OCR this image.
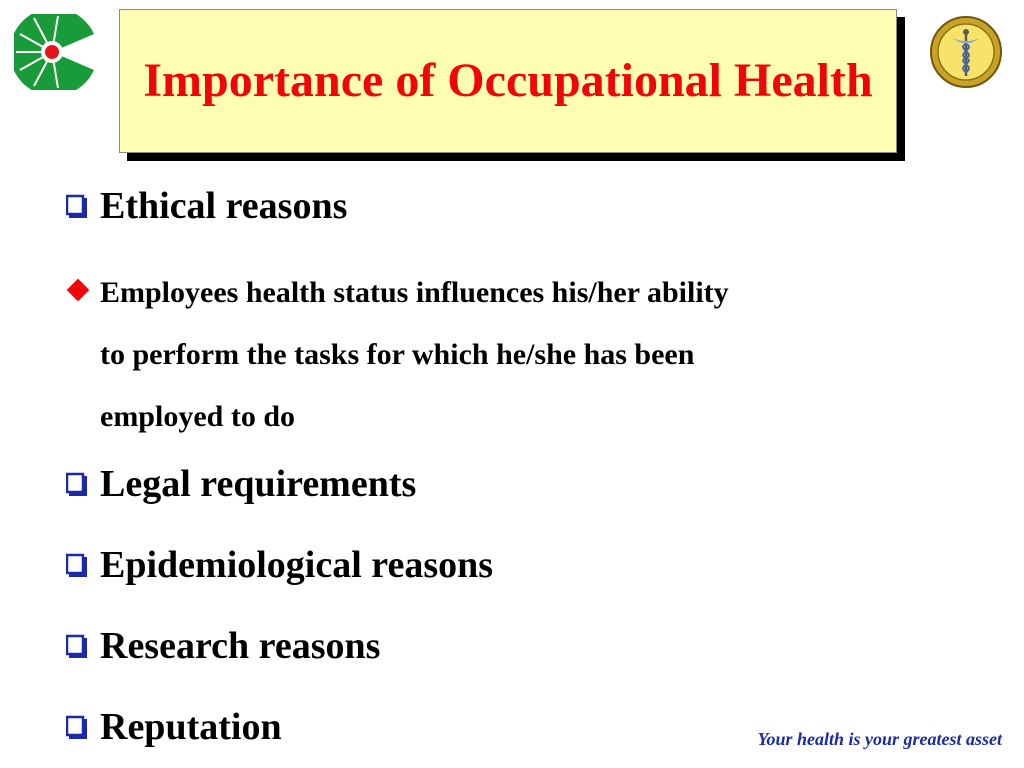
Importance of Occupational Health
Ethical reasons
Employees health status influences his/her ability
to perform the tasks for which he/she has been
employed to do
Legal requirements
Epidemiological reasons
Research reasons
Reputation	Your health is your greatest asset
